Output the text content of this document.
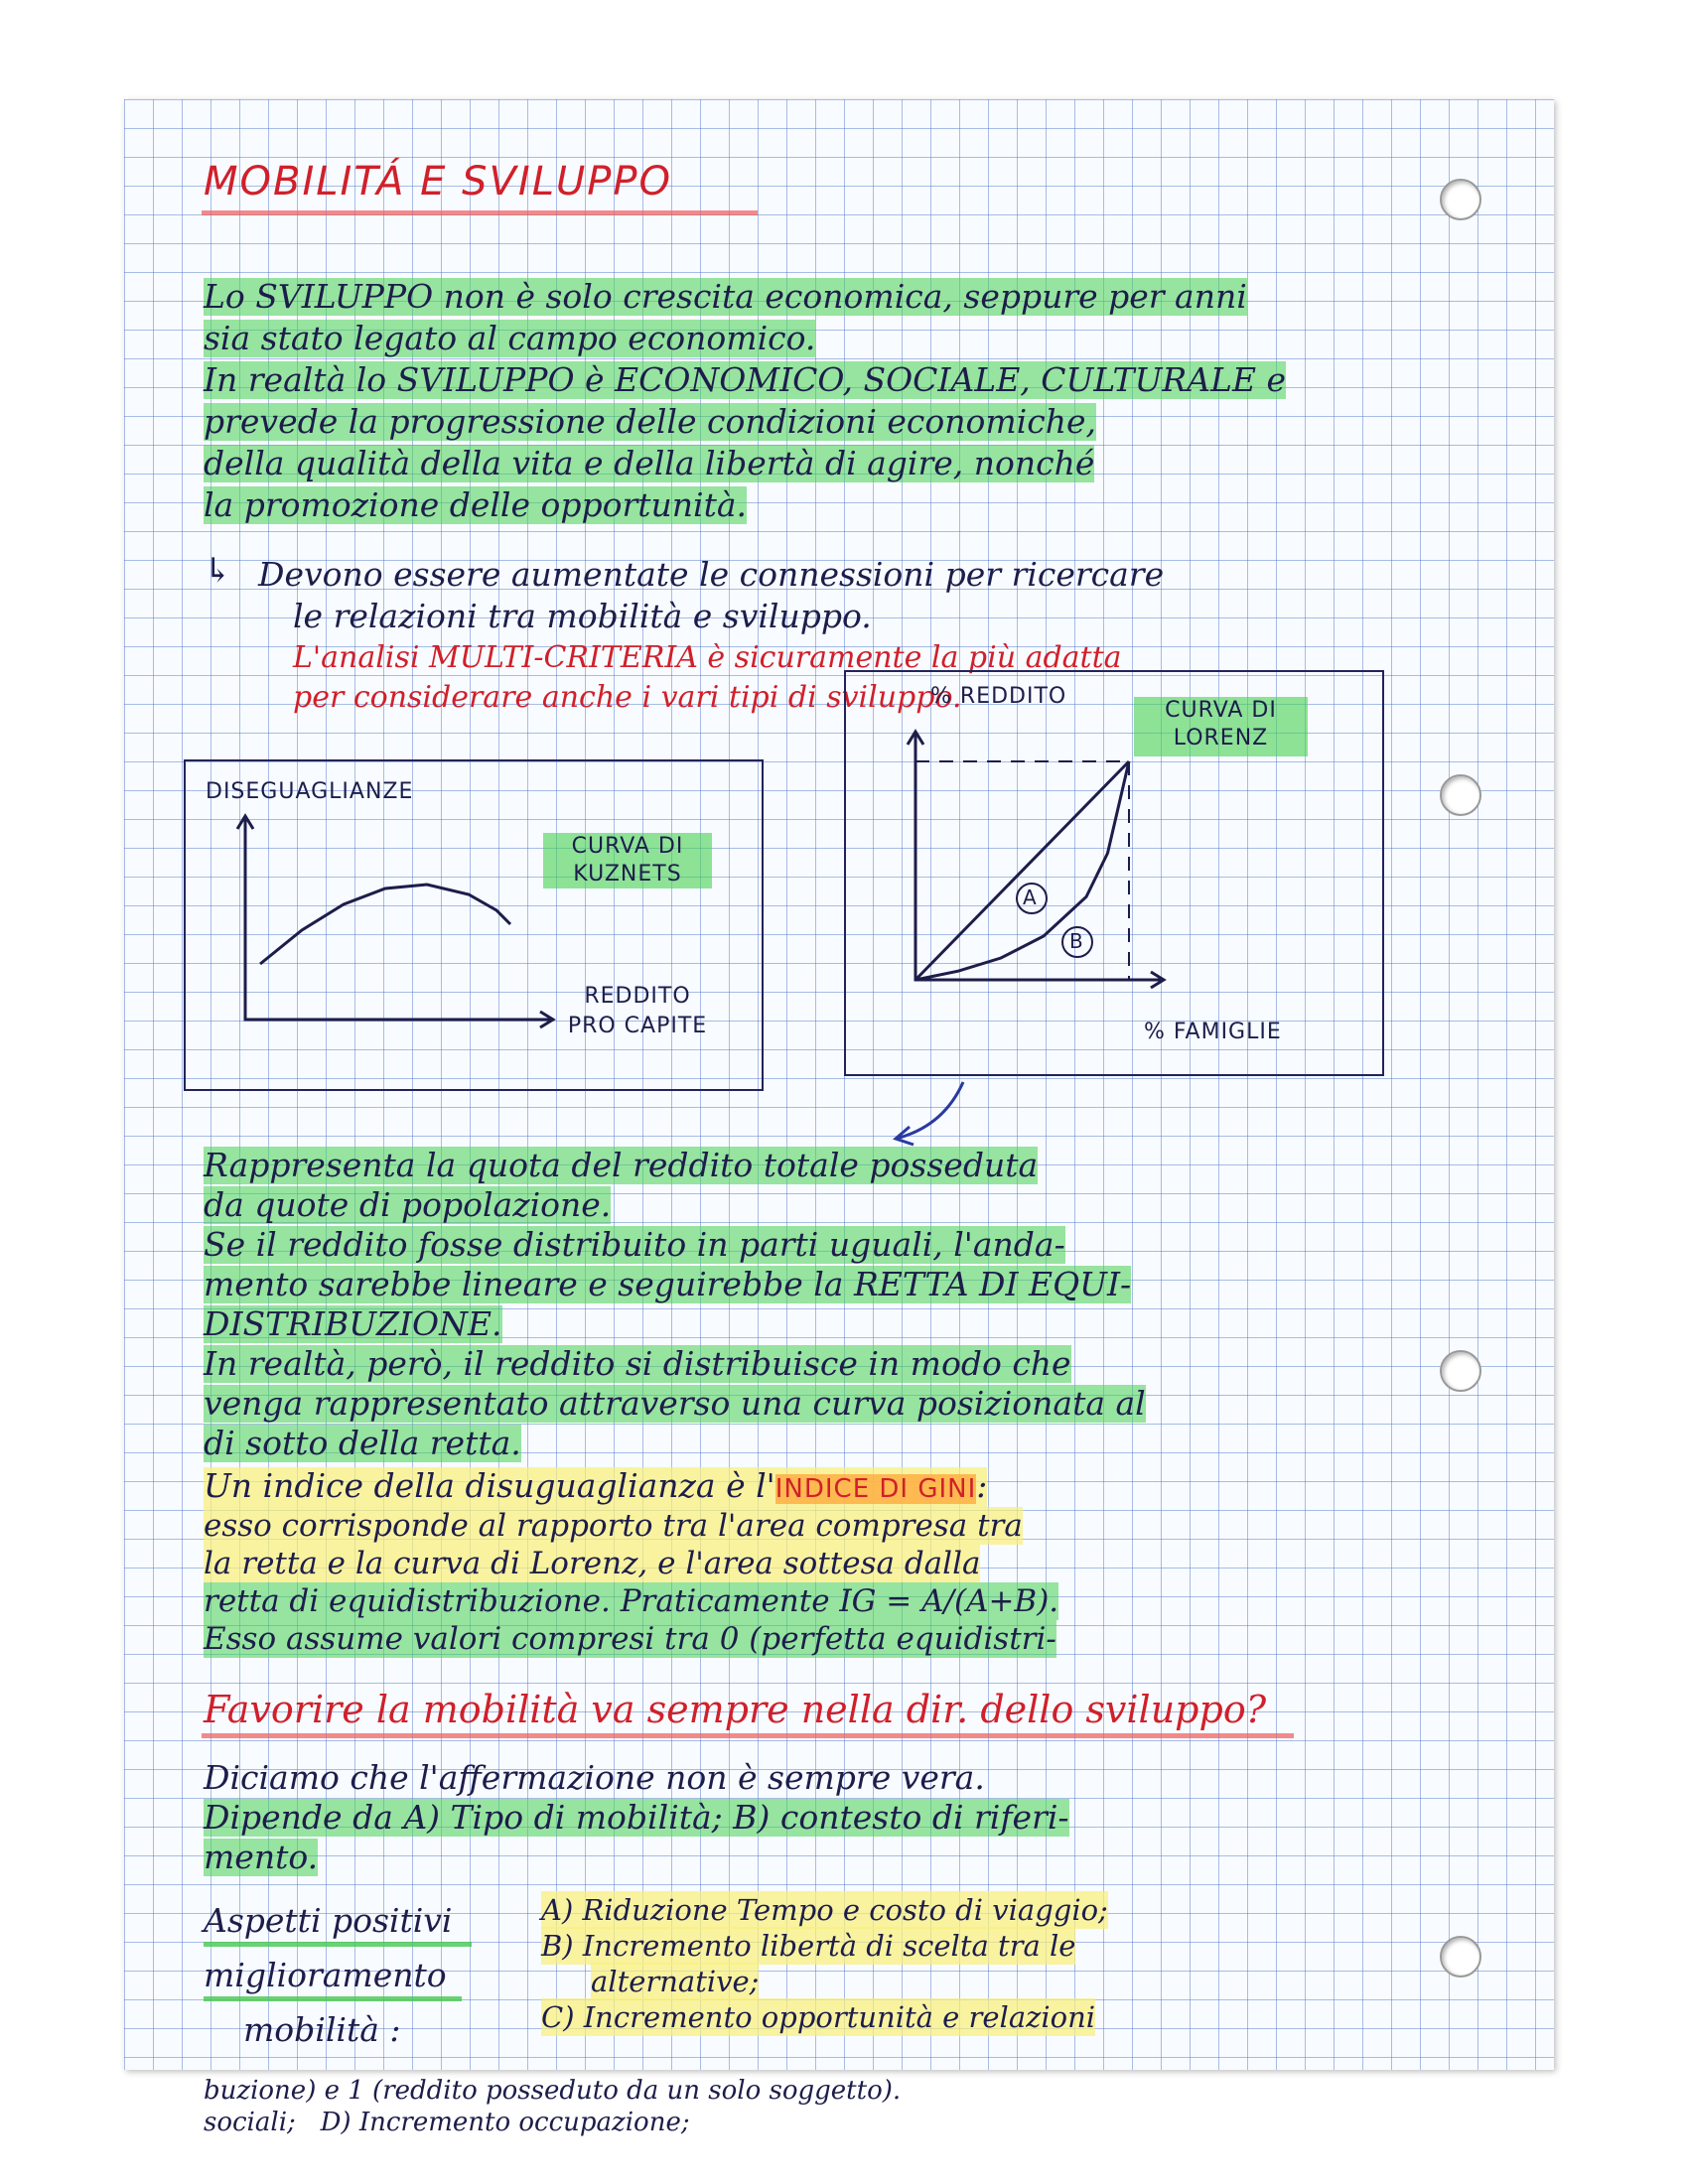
MOBILITÁ E SVILUPPO
Lo SVILUPPO non è solo crescita economica, seppure per anni
sia stato legato al campo economico.
In realtà lo SVILUPPO è ECONOMICO, SOCIALE, CULTURALE e
prevede la progressione delle condizioni economiche,
della qualità della vita e della libertà di agire, nonché
la promozione delle opportunità.
↳ Devono essere aumentate le connessioni per ricercare
le relazioni tra mobilità e sviluppo.
L'analisi MULTI-CRITERIA è sicuramente la più adatta
per considerare anche i vari tipi di sviluppo.
DISEGUAGLIANZE
CURVA DI KUZNETS
REDDITO PRO CAPITE
% REDDITO
A
B
CURVA DI LORENZ
% FAMIGLIE
Rappresenta la quota del reddito totale posseduta
da quote di popolazione.
Se il reddito fosse distribuito in parti uguali, l'anda-
mento sarebbe lineare e seguirebbe la RETTA DI EQUI-
DISTRIBUZIONE.
In realtà, però, il reddito si distribuisce in modo che
venga rappresentato attraverso una curva posizionata al
di sotto della retta.
Un indice della disuguaglianza è l'INDICE DI GINI:
esso corrisponde al rapporto tra l'area compresa tra
la retta e la curva di Lorenz, e l'area sottesa dalla
retta di equidistribuzione. Praticamente IG = A/(A+B).
Esso assume valori compresi tra 0 (perfetta equidistri-
Favorire la mobilità va sempre nella dir. dello sviluppo?
Diciamo che l'affermazione non è sempre vera.
Dipende da A) Tipo di mobilità; B) contesto di riferi-
mento.
Aspetti positivi
miglioramento
mobilità :
A) Riduzione Tempo e costo di viaggio;
B) Incremento libertà di scelta tra le
alternative;
C) Incremento opportunità e relazioni
buzione) e 1 (reddito posseduto da un solo soggetto).
sociali; D) Incremento occupazione;
